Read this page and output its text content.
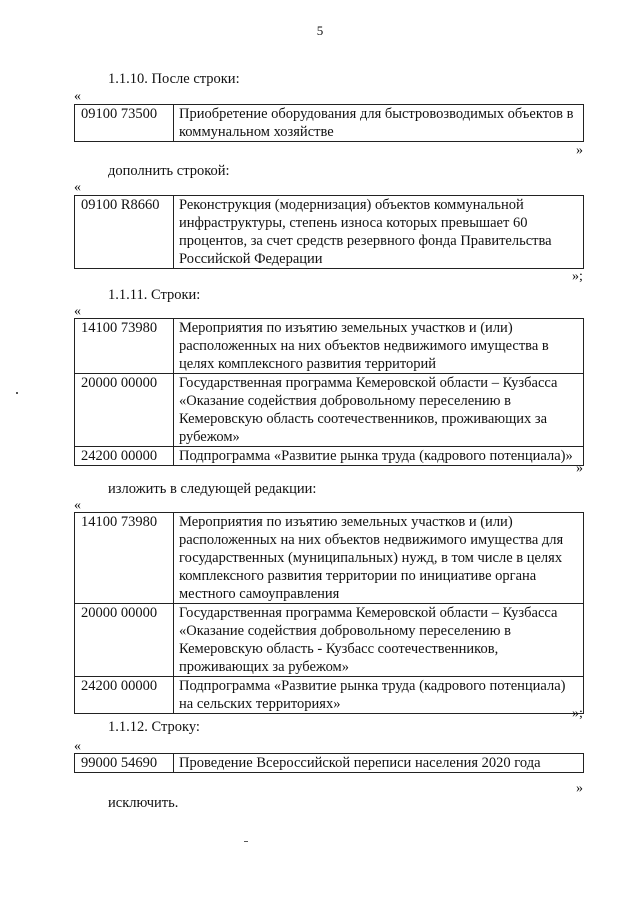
5
1.1.10. После строки:
«
09100 73500	Приобретение оборудования для быстровозводимых объектов в коммунальном хозяйстве
»
дополнить строкой:
«
09100 R8660	Реконструкция (модернизация) объектов коммунальной инфраструктуры, степень износа которых превышает 60 процентов, за счет средств резервного фонда Правительства Российской Федерации
»;
1.1.11. Строки:
«
14100 73980	Мероприятия по изъятию земельных участков и (или) расположенных на них объектов недвижимого имущества в целях комплексного развития территорий
20000 00000	Государственная программа Кемеровской области – Кузбасса «Оказание содействия добровольному переселению в Кемеровскую область соотечественников, проживающих за рубежом»
24200 00000	Подпрограмма «Развитие рынка труда (кадрового потенциала)»
»
изложить в следующей редакции:
«
14100 73980	Мероприятия по изъятию земельных участков и (или) расположенных на них объектов недвижимого имущества для государственных (муниципальных) нужд, в том числе в целях комплексного развития территории по инициативе органа местного самоуправления
20000 00000	Государственная программа Кемеровской области – Кузбасса «Оказание содействия добровольному переселению в Кемеровскую область - Кузбасс соотечественников, проживающих за рубежом»
24200 00000	Подпрограмма «Развитие рынка труда (кадрового потенциала) на сельских территориях»
»;
1.1.12. Строку:
«
99000 54690	Проведение Всероссийской переписи населения 2020 года
»
исключить.
